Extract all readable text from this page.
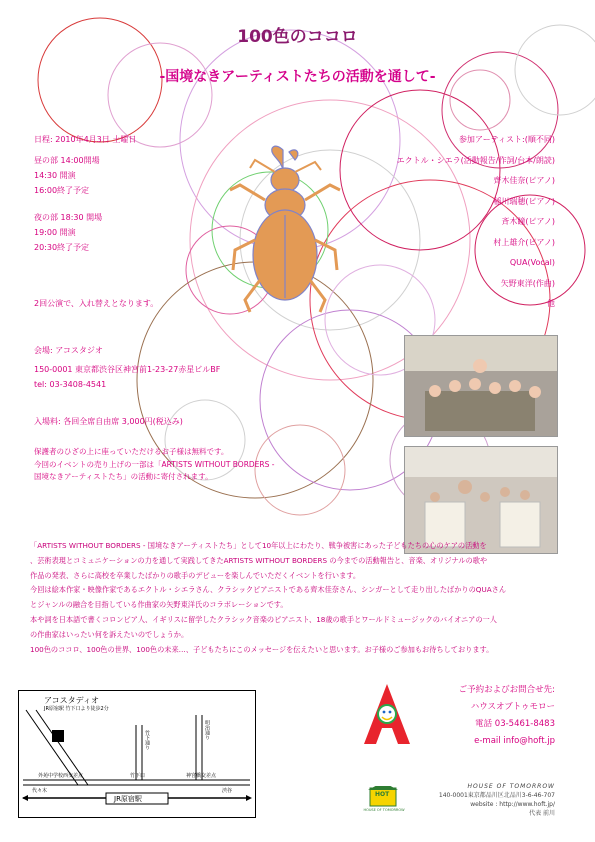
100色のココロ
-国境なきアーティストたちの活動を通して-
日程: 2010年4月3日 土曜日
昼の部 14:00開場
14:30 開演
16:00終了予定
夜の部 18:30 開場
19:00 開演
20:30終了予定
2回公演で、入れ替えとなります。
会場: アコスタジオ
150-0001 東京都渋谷区神宮前1-23-27赤星ビルBF
tel: 03-3408-4541
入場料: 各回全席自由席 3,000円(税込み)
保護者のひざの上に座っていただけるお子様は無料です。
今回のイベントの売り上げの一部は「ARTISTS WITHOUT BORDERS -
国境なきアーティストたち」の活動に寄付されます。
参加アーティスト:(順不同)
エクトル・シエラ(活動報告/作詞/台本/朗読)
齊木佳奈(ピアノ)
稲川瑞穂(ピアノ)
斉木瞳(ピアノ)
村上雄介(ピアノ)
QUA(Vocal)
矢野東洋(作曲)
他
「ARTISTS WITHOUT BORDERS - 国境なきアーティストたち」として10年以上にわたり、戦争被害にあった子どもたちの心のケアの活動を
、芸術表現とコミュニケーションの力を通して実践してきたARTISTS WITHOUT BORDERS の今までの活動報告と、音楽、オリジナルの歌や
作品の発表、さらに高校を卒業したばかりの歌手のデビューを楽しんでいただくイベントを行います。
今回は絵本作家・映像作家であるエクトル・シエラさん、クラシックピアニストである齊木佳奈さん、シンガーとして走り出したばかりのQUAさん
とジャンルの融合を目指している作曲家の矢野東洋氏のコラボレーションです。
本や詞を日本語で書くコロンビア人、イギリスに留学したクラシック音楽のピアニスト、18歳の歌手とワールドミュージックのバイオニアの一人
の作曲家はいったい何を訴えたいのでしょうか。
100色のココロ、100色の世界、100色の未来…、子どもたちにこのメッセージを伝えたいと思います。お子様のご参加もお待ちしております。
アコスタディオ
JR原宿駅 竹下口より徒歩2分
竹下通り	明治通り
外苑中学校西交差点	竹下口	神宮橋交差点
JR原宿駅
代々木	渋谷	HOT
HOUSE OF TOMORROW
ご予約およびお問合せ先:
ハウスオブトゥモロー
電話 03-5461-8483
e-mail info@hoft.jp
HOUSE OF TOMORROW
140-0001東京都品川区北品川3-6-46-707
website : http://www.hoft.jp/
代表 前川
